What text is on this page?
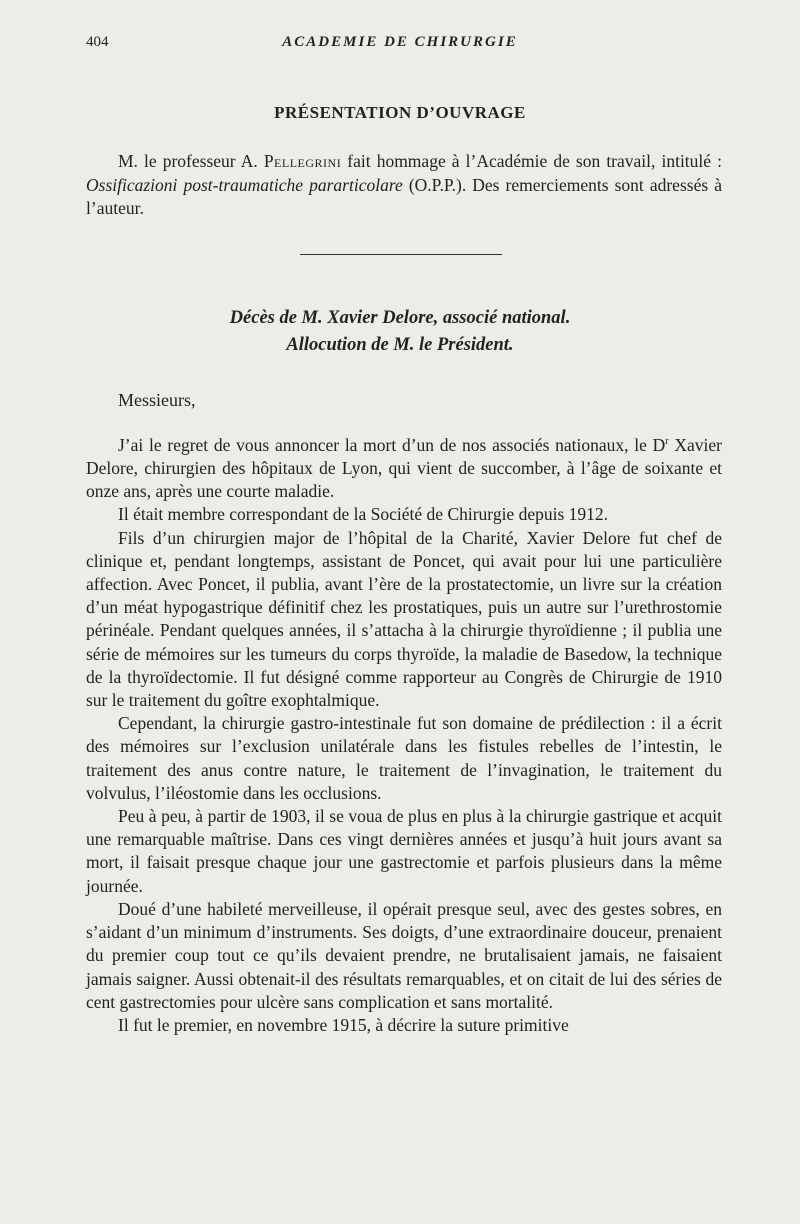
404	ACADEMIE DE CHIRURGIE
PRÉSENTATION D’OUVRAGE

M. le professeur A. Pellegrini fait hommage à l’Académie de son travail, intitulé : Ossificazioni post-traumatiche pararticolare (O.P.P.). Des remerciements sont adressés à l’auteur.

Décès de M. Xavier Delore, associé national.
Allocution de M. le Président.
Messieurs,

J’ai le regret de vous annoncer la mort d’un de nos associés nationaux, le $D^r$ Xavier Delore, chirurgien des hôpitaux de Lyon, qui vient de succomber, à l’âge de soixante et onze ans, après une courte maladie.

Il était membre correspondant de la Société de Chirurgie depuis 1912.

Fils d’un chirurgien major de l’hôpital de la Charité, Xavier Delore fut chef de clinique et, pendant longtemps, assistant de Poncet, qui avait pour lui une particulière affection. Avec Poncet, il publia, avant l’ère de la prostatectomie, un livre sur la création d’un méat hypogastrique définitif chez les prostatiques, puis un autre sur l’urethrostomie périnéale. Pendant quelques années, il s’attacha à la chirurgie thyroïdienne ; il publia une série de mémoires sur les tumeurs du corps thyroïde, la maladie de Basedow, la technique de la thyroïdectomie. Il fut désigné comme rapporteur au Congrès de Chirurgie de 1910 sur le traitement du goître exophtalmique.

Cependant, la chirurgie gastro-intestinale fut son domaine de prédilection : il a écrit des mémoires sur l’exclusion unilatérale dans les fistules rebelles de l’intestin, le traitement des anus contre nature, le traitement de l’invagination, le traitement du volvulus, l’iléostomie dans les occlusions.

Peu à peu, à partir de 1903, il se voua de plus en plus à la chirurgie gastrique et acquit une remarquable maîtrise. Dans ces vingt dernières années et jusqu’à huit jours avant sa mort, il faisait presque chaque jour une gastrectomie et parfois plusieurs dans la même journée.

Doué d’une habileté merveilleuse, il opérait presque seul, avec des gestes sobres, en s’aidant d’un minimum d’instruments. Ses doigts, d’une extraordinaire douceur, prenaient du premier coup tout ce qu’ils devaient prendre, ne brutalisaient jamais, ne faisaient jamais saigner. Aussi obtenait-il des résultats remarquables, et on citait de lui des séries de cent gastrectomies pour ulcère sans complication et sans mortalité.

Il fut le premier, en novembre 1915, à décrire la suture primitive
